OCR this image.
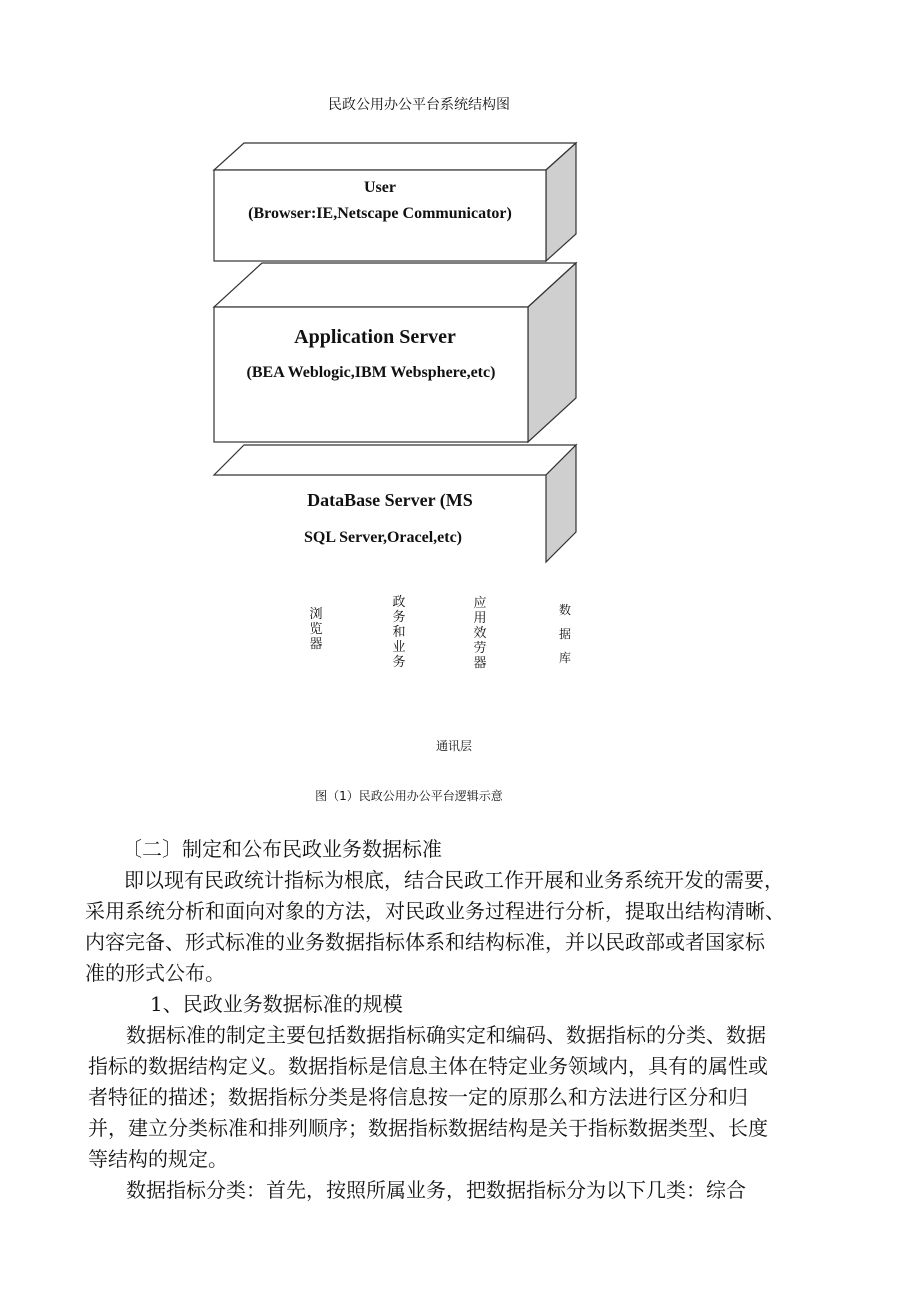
民政公用办公平台系统结构图
User
(Browser:IE,Netscape Communicator)
Application Server
(BEA Weblogic,IBM Websphere,etc)
DataBase Server (MS
SQL Server,Oracel,etc)
浏览器
政务和业务
应用效劳器
数据库
通讯层
图（1）民政公用办公平台逻辑示意
〔二〕制定和公布民政业务数据标准
即以现有民政统计指标为根底，结合民政工作开展和业务系统开发的需要，
采用系统分析和面向对象的方法，对民政业务过程进行分析，提取出结构清晰、
内容完备、形式标准的业务数据指标体系和结构标准，并以民政部或者国家标
准的形式公布。
1、民政业务数据标准的规模
数据标准的制定主要包括数据指标确实定和编码、数据指标的分类、数据
指标的数据结构定义。数据指标是信息主体在特定业务领域内，具有的属性或
者特征的描述；数据指标分类是将信息按一定的原那么和方法进行区分和归
并，建立分类标准和排列顺序；数据指标数据结构是关于指标数据类型、长度
等结构的规定。
数据指标分类：首先，按照所属业务，把数据指标分为以下几类：综合
